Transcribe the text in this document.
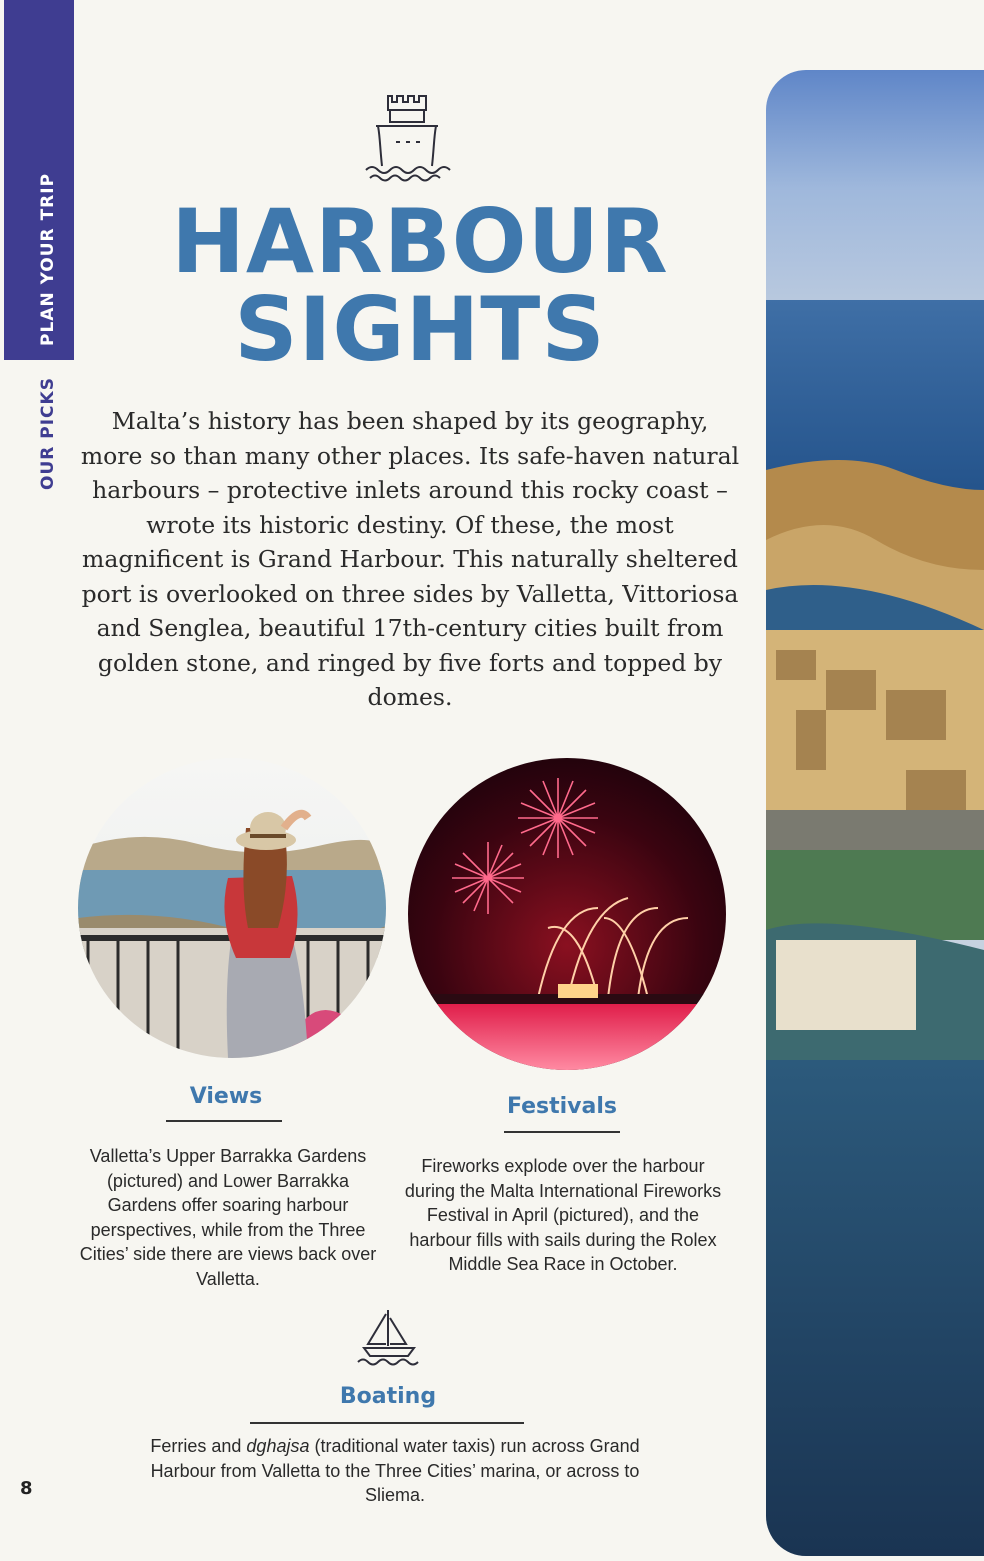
PLAN YOUR TRIP
OUR PICKS
HARBOUR
SIGHTS
Malta’s history has been shaped by its geography, more so than many other places. Its safe-haven natural harbours – protective inlets around this rocky coast – wrote its historic destiny. Of these, the most magnificent is Grand Harbour. This naturally sheltered port is overlooked on three sides by Valletta, Vittoriosa and Senglea, beautiful 17th-century cities built from golden stone, and ringed by five forts and topped by domes.
Views
Valletta’s Upper Barrakka Gardens (pictured) and Lower Barrakka Gardens offer soaring harbour perspectives, while from the Three Cities’ side there are views back over Valletta.
Festivals
Fireworks explode over the harbour during the Malta International Fireworks Festival in April (pictured), and the harbour fills with sails during the Rolex Middle Sea Race in October.
Boating
Ferries and dghajsa (traditional water taxis) run across Grand Harbour from Valletta to the Three Cities’ marina, or across to Sliema.
8
